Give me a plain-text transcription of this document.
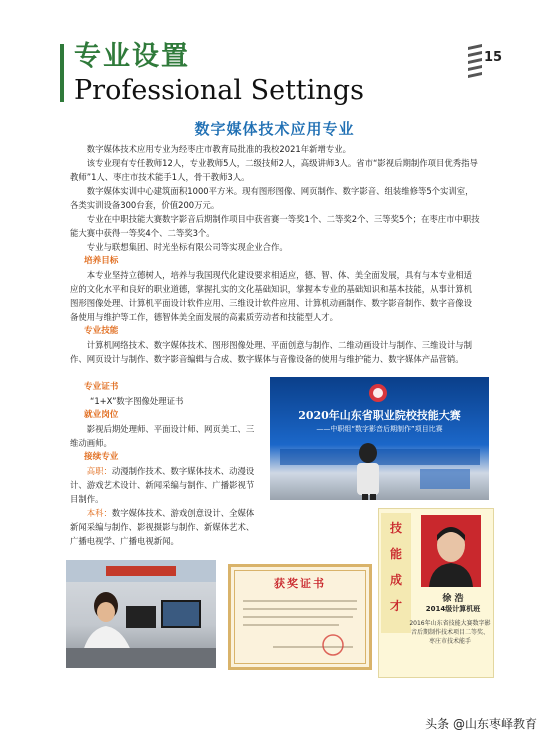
专业设置
Professional Settings
15
数字媒体技术应用专业

数字媒体技术应用专业为经枣庄市教育局批准的我校2021年新增专业。

该专业现有专任教师12人，专业教师5人，二级技师2人，高级讲师3人。省市“影视后期制作项目优秀指导教师”1人、枣庄市技术能手1人，骨干教师3人。

数字媒体实训中心建筑面积1000平方米。现有图形图像、网页制作、数字影音、组装维修等5个实训室，各类实训设备300台套，价值200万元。

专业在中职技能大赛数字影音后期制作项目中获省赛一等奖1个、二等奖2个、三等奖5个；在枣庄市中职技能大赛中获得一等奖4个、二等奖3个。

专业与联想集团、时光坐标有限公司等实现企业合作。

培养目标

本专业坚持立德树人，培养与我国现代化建设要求相适应，德、智、体、美全面发展，具有与本专业相适应的文化水平和良好的职业道德，掌握扎实的文化基础知识，掌握本专业的基础知识和基本技能，从事计算机图形图像处理、计算机平面设计软件应用、三维设计软件应用、计算机动画制作、数字影音制作、数字音像设备使用与维护等工作，德智体美全面发展的高素质劳动者和技能型人才。

专业技能

计算机网络技术、数字媒体技术、图形图像处理、平面创意与制作、二维动画设计与制作、三维设计与制作、网页设计与制作、数字影音编辑与合成、数字媒体与音像设备的使用与维护能力、数字媒体产品营销。

专业证书
“1+X”数字图像处理证书
就业岗位

影视后期处理师、平面设计师、网页美工、三维动画师。

接续专业
高职：动漫制作技术、数字媒体技术、动漫设计、游戏艺术设计、新闻采编与制作、广播影视节目制作。
本科：数字媒体技术、游戏创意设计、全媒体新闻采编与制作、影视摄影与制作、新媒体艺术、广播电视学、广播电视新闻。
2020年山东省职业院校技能大赛
——中职组“数字影音后期制作”项目比赛
技
能
成
才	徐 浩
2014级计算机班
2016年山东省技能大赛数字影音后期制作技术项目二等奖、枣庄市技术能手
获奖证书
头条 @山东枣峄教育
